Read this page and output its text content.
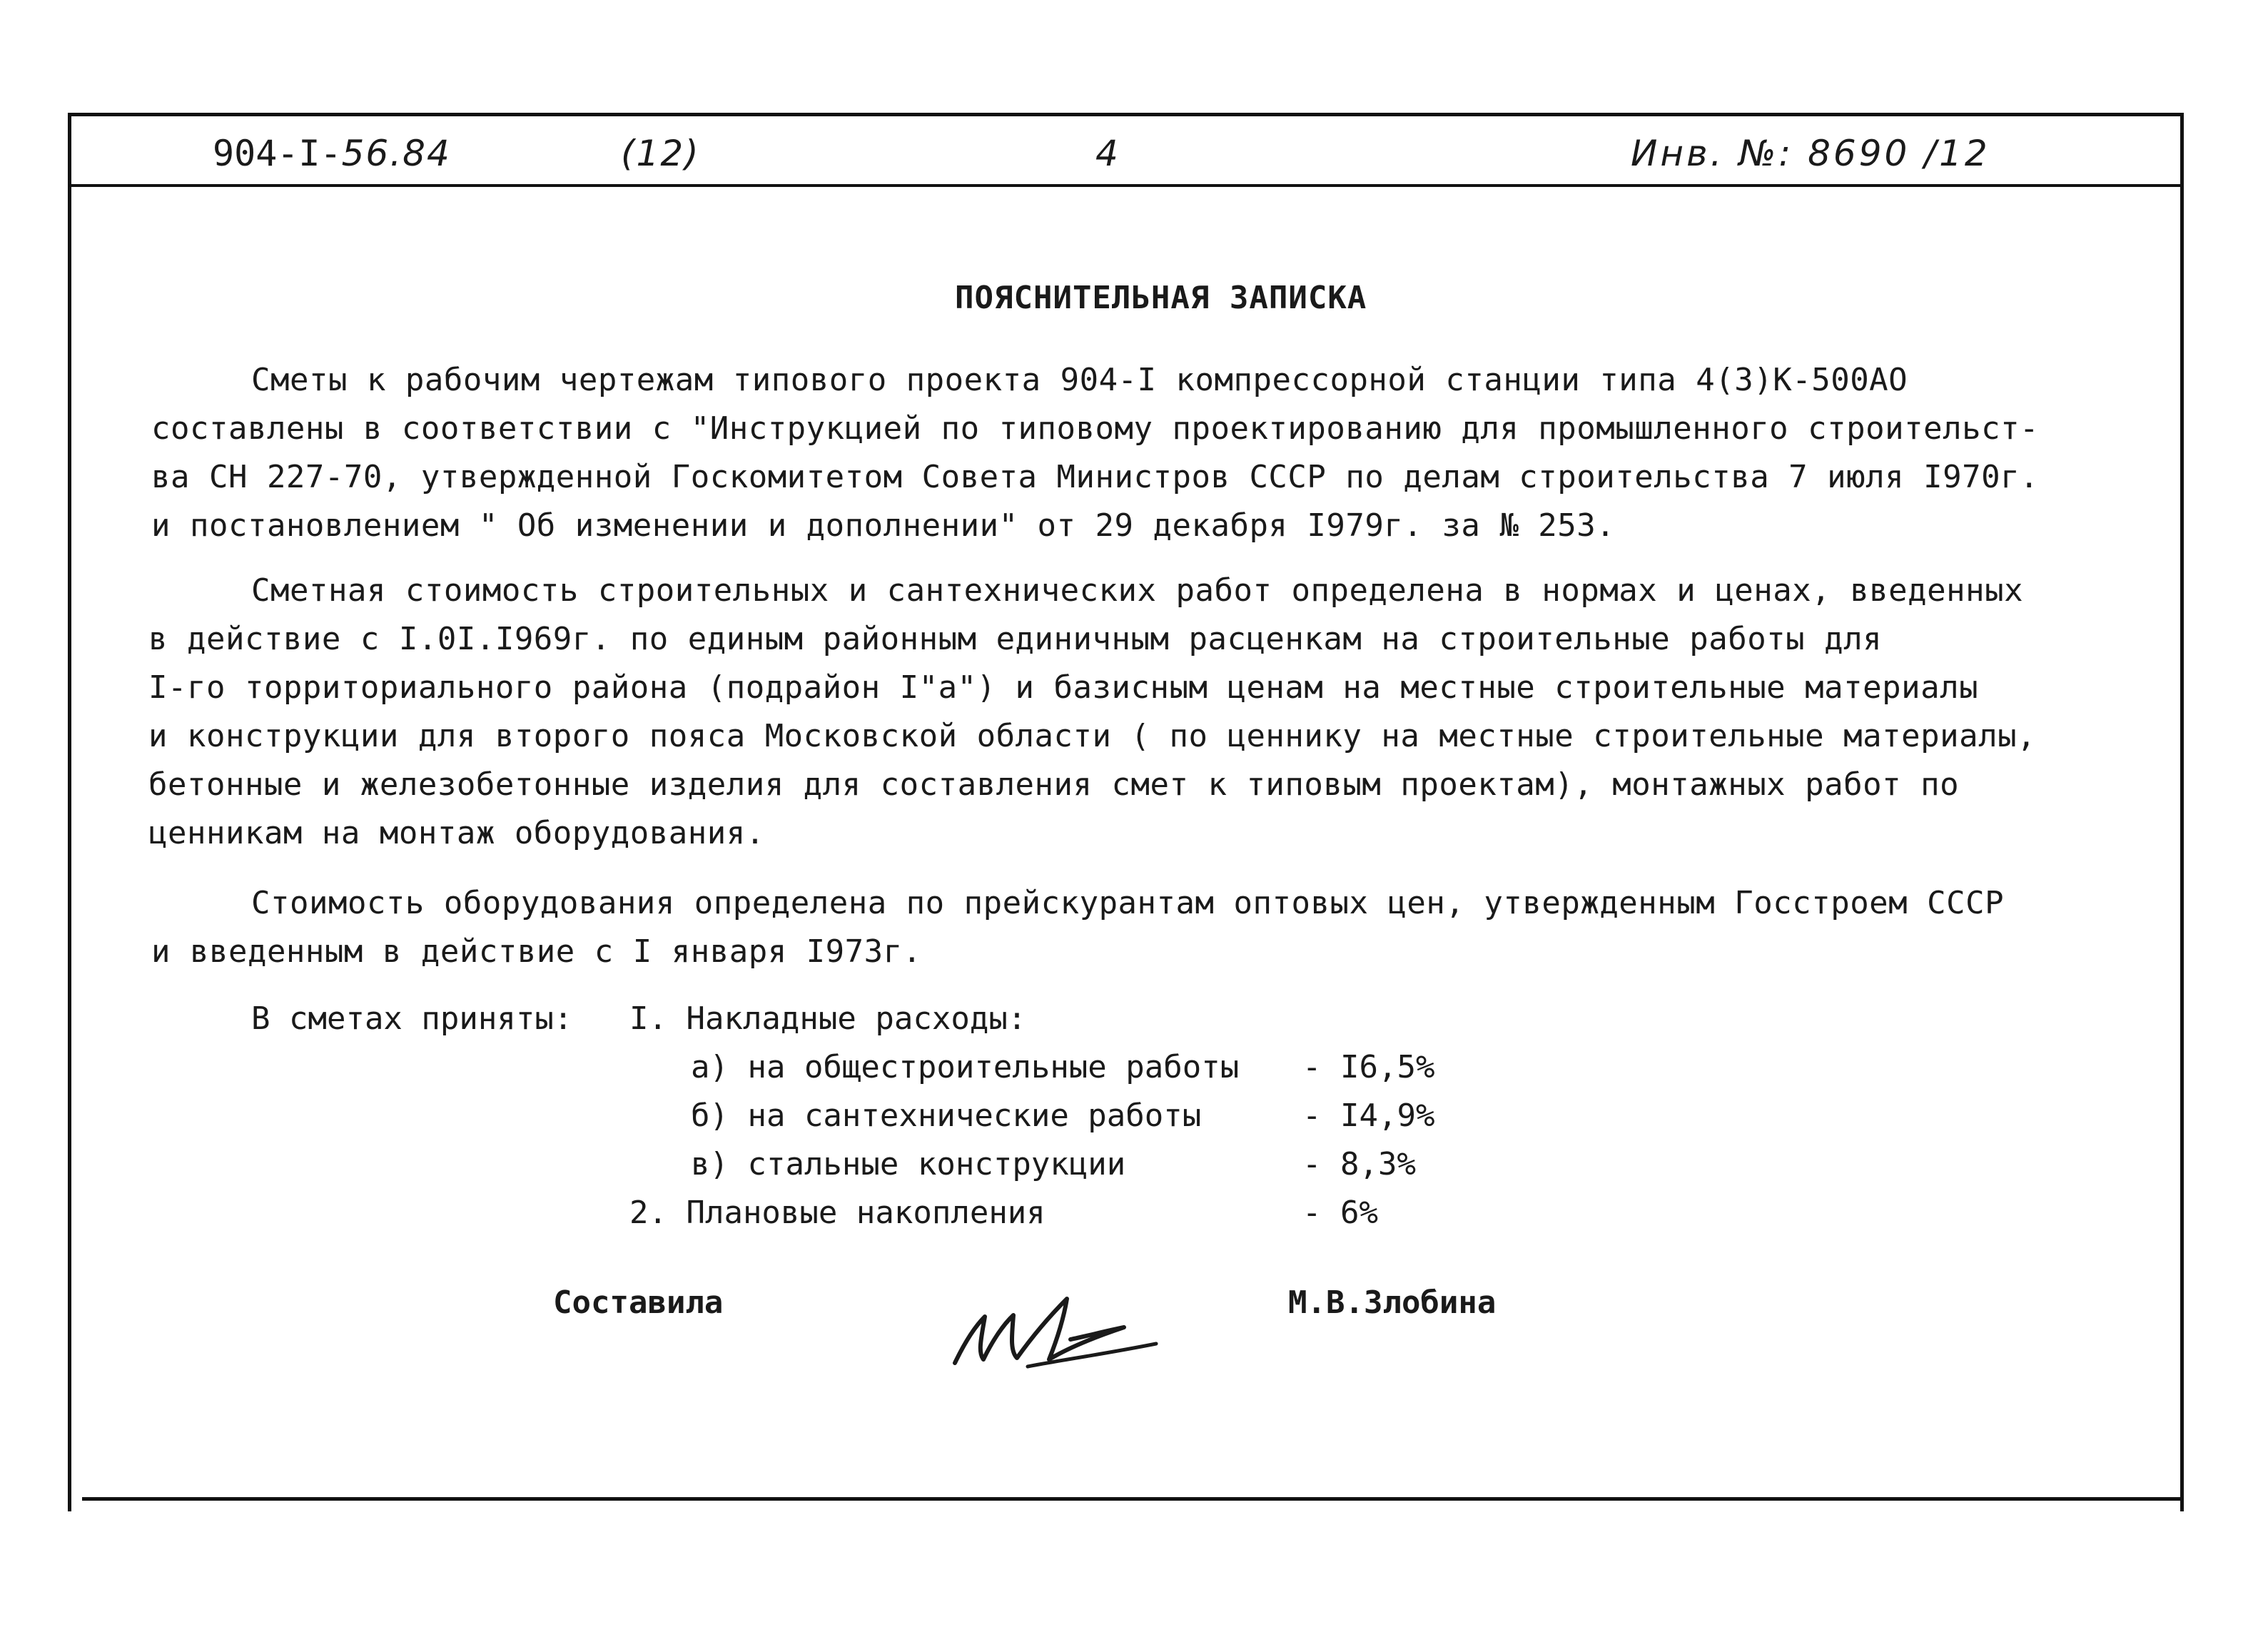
904-I-56.84	(12)	4	Инв. №: 8690 /12
ПОЯСНИТЕЛЬНАЯ ЗАПИСКА
Сметы к рабочим чертежам типового проекта 904-I компрессорной станции типа 4(3)К-500АО
составлены в соответствии с "Инструкцией по типовому проектированию для промышленного строительст-
ва СН 227-70, утвержденной Госкомитетом Совета Министров СССР по делам строительства 7 июля I970г.
и постановлением " Об изменении и дополнении" от 29 декабря I979г. за № 253.
Сметная стоимость строительных и сантехнических работ определена в нормах и ценах, введенных
в действие с I.0I.I969г. по единым районным единичным расценкам на строительные работы для
I-го торриториального района (подрайон I"а") и базисным ценам на местные строительные материалы
и конструкции для второго пояса Московской области ( по ценнику на местные строительные материалы,
бетонные и железобетонные изделия для составления смет к типовым проектам), монтажных работ по
ценникам на монтаж оборудования.
Стоимость оборудования определена по прейскурантам оптовых цен, утвержденным Госстроем СССР
и введенным в действие с I января I973г.
В сметах приняты: I. Накладные расходы:
а) на общестроительные работы - I6,5%
б) на сантехнические работы	- I4,9%
в) стальные конструкции	- 8,3%
2. Плановые накопления	- 6%
Составила	М.В.Злобина
